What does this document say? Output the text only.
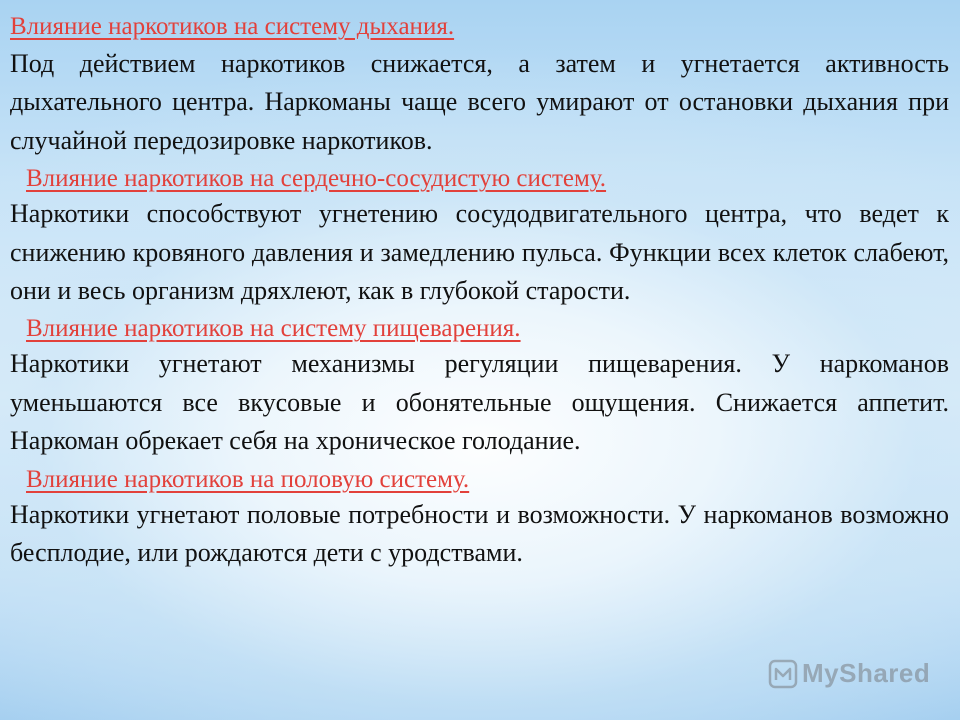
Влияние наркотиков на систему дыхания.

Под действием наркотиков снижается, а затем и угнетается активность дыхательного центра. Наркоманы чаще всего умирают от остановки дыхания при случайной передозировке наркотиков.

Влияние наркотиков на сердечно-сосудистую систему.

Наркотики способствуют угнетению сосудодвигательного центра, что ведет к снижению кровяного давления и замедлению пульса. Функции всех клеток слабеют, они и весь организм дряхлеют, как в глубокой старости.

Влияние наркотиков на систему пищеварения.

Наркотики угнетают механизмы регуляции пищеварения. У наркоманов уменьшаются все вкусовые и обонятельные ощущения. Снижается аппетит. Наркоман обрекает себя на хроническое голодание.

Влияние наркотиков на половую систему.

Наркотики угнетают половые потребности и возможности. У наркоманов возможно бесплодие, или рождаются дети с уродствами.

MyShared
